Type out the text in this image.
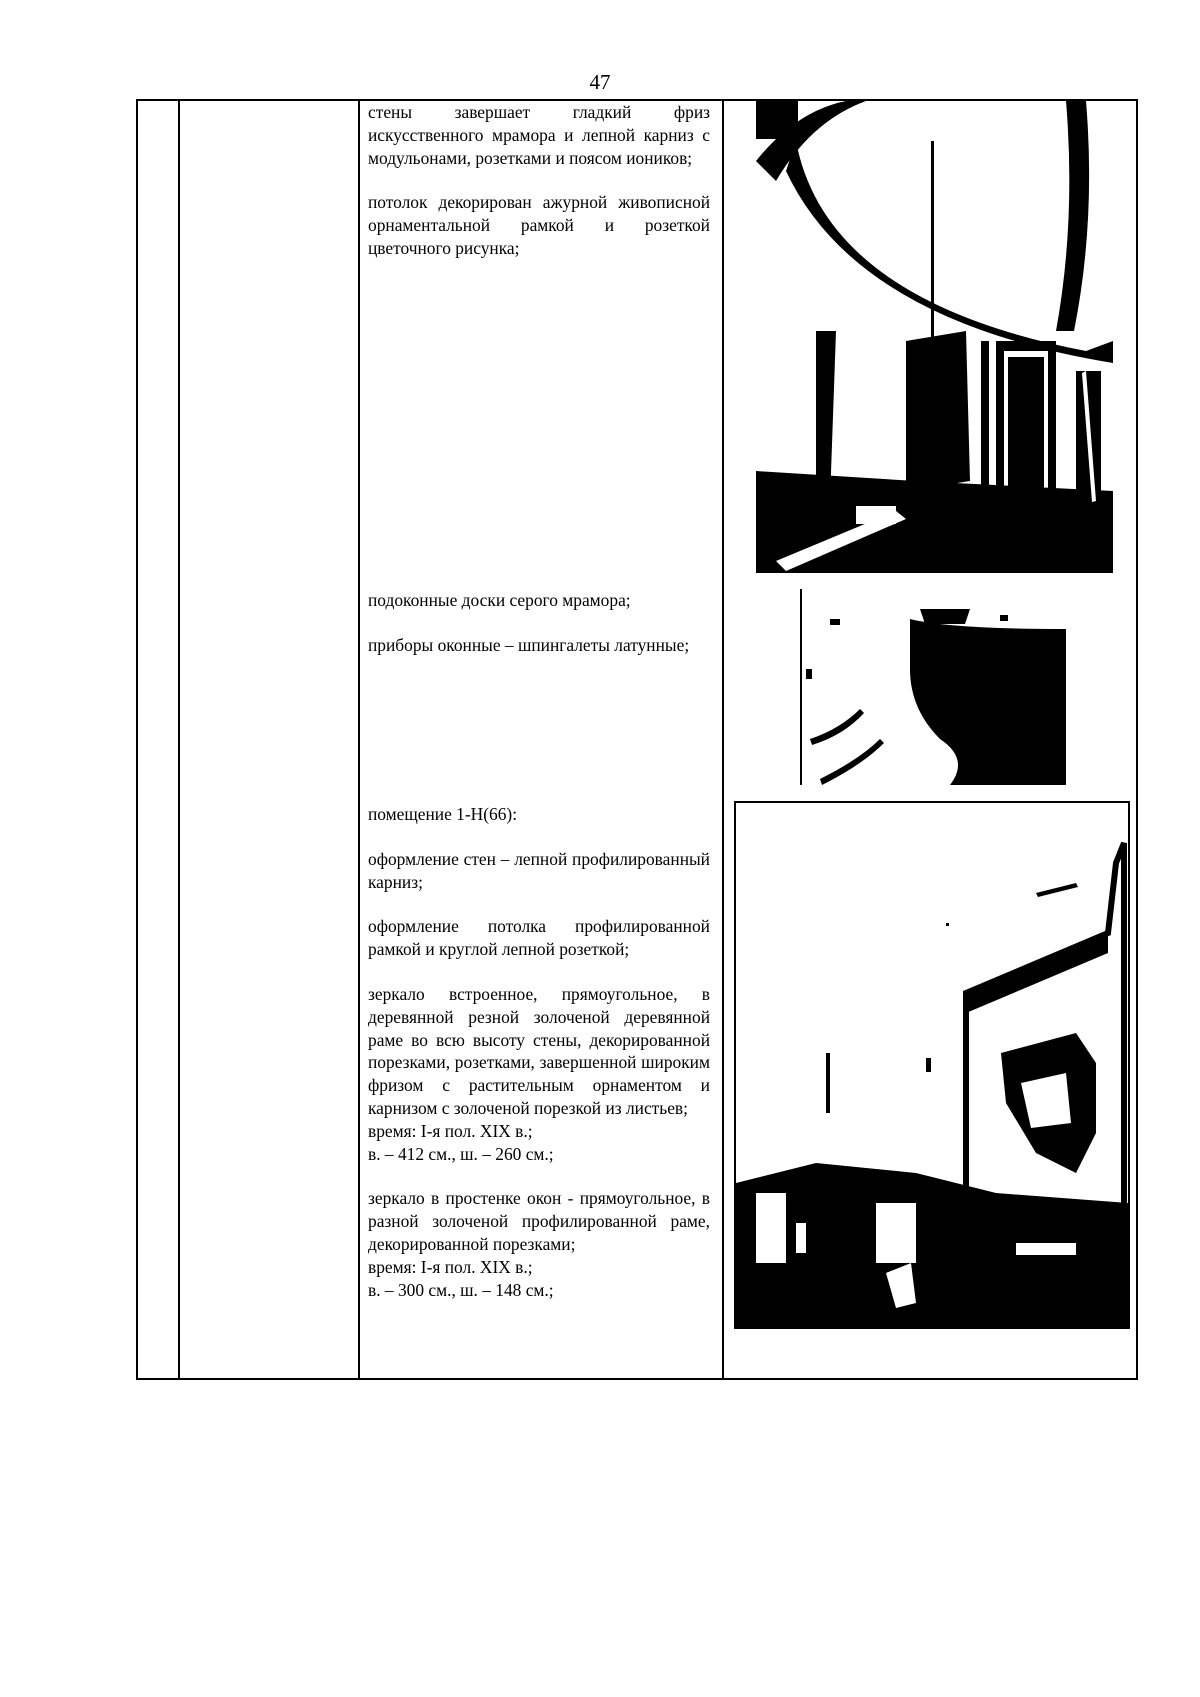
47

стены завершает гладкий фриз искусственного мрамора и лепной карниз с модульонами, розетками и поясом иоников;

потолок декорирован ажурной живописной орнаментальной рамкой и розеткой цветочного рисунка;

подоконные доски серого мрамора;

приборы оконные – шпингалеты латунные;

помещение 1-Н(66):

оформление стен – лепной профилированный карниз;

оформление потолка профилированной рамкой и круглой лепной розеткой;

зеркало встроенное, прямоугольное, в деревянной резной золоченой деревянной раме во всю высоту стены, декорированной порезками, розетками, завершенной широким фризом с растительным орнаментом и карнизом с золоченой порезкой из листьев;

время: I-я пол. XIX в.;
в. – 412 см., ш. – 260 см.;

зеркало в простенке окон - прямоугольное, в разной золоченой профилированной раме, декорированной порезками;

время: I-я пол. XIX в.;
в. – 300 см., ш. – 148 см.;
